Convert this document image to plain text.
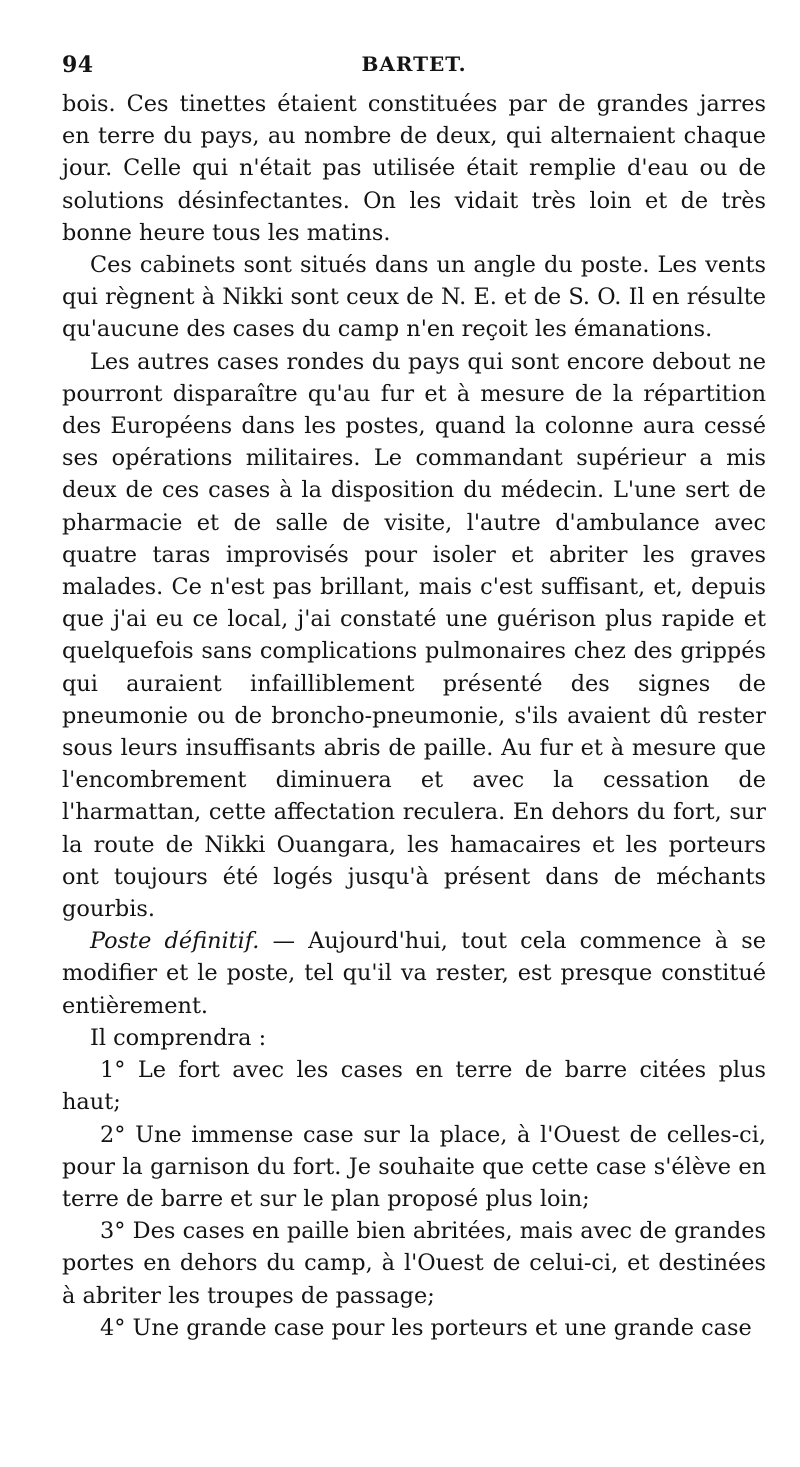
94	BARTET.

bois. Ces tinettes étaient constituées par de grandes jarres en terre du pays, au nombre de deux, qui alternaient chaque jour. Celle qui n'était pas utilisée était remplie d'eau ou de solutions désinfectantes. On les vidait très loin et de très bonne heure tous les matins.

Ces cabinets sont situés dans un angle du poste. Les vents qui règnent à Nikki sont ceux de N. E. et de S. O. Il en résulte qu'aucune des cases du camp n'en reçoit les émanations.

Les autres cases rondes du pays qui sont encore debout ne pourront disparaître qu'au fur et à mesure de la répartition des Européens dans les postes, quand la colonne aura cessé ses opérations militaires. Le commandant supérieur a mis deux de ces cases à la disposition du médecin. L'une sert de pharmacie et de salle de visite, l'autre d'ambulance avec quatre taras improvisés pour isoler et abriter les graves malades. Ce n'est pas brillant, mais c'est suffisant, et, depuis que j'ai eu ce local, j'ai constaté une guérison plus rapide et quelquefois sans complications pulmonaires chez des grippés qui auraient infailliblement présenté des signes de pneumonie ou de broncho-pneumonie, s'ils avaient dû rester sous leurs insuffisants abris de paille. Au fur et à mesure que l'encombrement diminuera et avec la cessation de l'harmattan, cette affectation reculera. En dehors du fort, sur la route de Nikki Ouangara, les hamacaires et les porteurs ont toujours été logés jusqu'à présent dans de méchants gourbis.

Poste définitif. — Aujourd'hui, tout cela commence à se modifier et le poste, tel qu'il va rester, est presque constitué entièrement.

Il comprendra :

1° Le fort avec les cases en terre de barre citées plus haut;

2° Une immense case sur la place, à l'Ouest de celles-ci, pour la garnison du fort. Je souhaite que cette case s'élève en terre de barre et sur le plan proposé plus loin;

3° Des cases en paille bien abritées, mais avec de grandes portes en dehors du camp, à l'Ouest de celui-ci, et destinées à abriter les troupes de passage;

4° Une grande case pour les porteurs et une grande case
